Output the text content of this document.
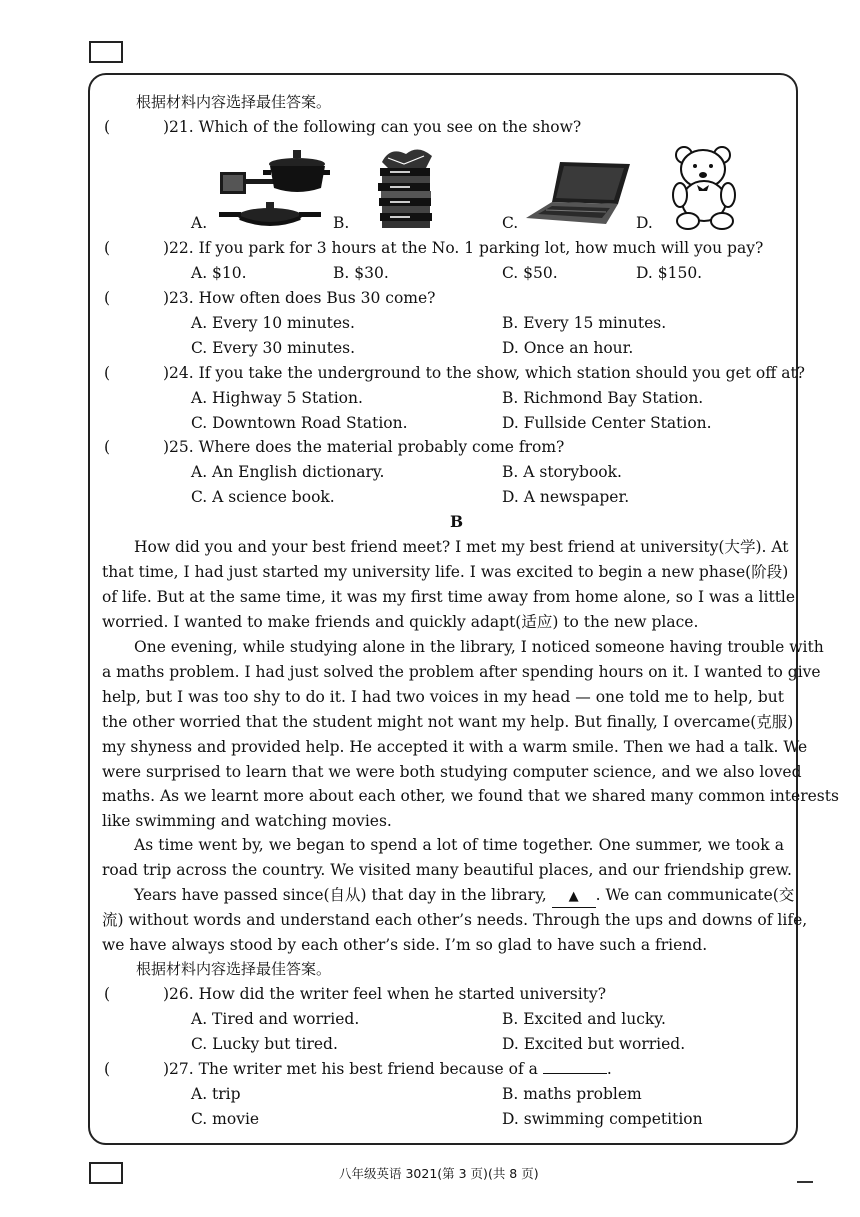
根据材料内容选择最佳答案。
(	)21. Which of the following can you see on the show?
A.	B.	C.	D.
(	)22. If you park for 3 hours at the No. 1 parking lot, how much will you pay?
A. $10.	B. $30.	C. $50.	D. $150.
(	)23. How often does Bus 30 come?
A. Every 10 minutes.	B. Every 15 minutes.
C. Every 30 minutes.	D. Once an hour.
(	)24. If you take the underground to the show, which station should you get off at?
A. Highway 5 Station.	B. Richmond Bay Station.
C. Downtown Road Station.	D. Fullside Center Station.
(	)25. Where does the material probably come from?
A. An English dictionary.	B. A storybook.
C. A science book.	D. A newspaper.
B
How did you and your best friend meet? I met my best friend at university(大学). At
that time, I had just started my university life. I was excited to begin a new phase(阶段)
of life. But at the same time, it was my first time away from home alone, so I was a little
worried. I wanted to make friends and quickly adapt(适应) to the new place.
One evening, while studying alone in the library, I noticed someone having trouble with
a maths problem. I had just solved the problem after spending hours on it. I wanted to give
help, but I was too shy to do it. I had two voices in my head — one told me to help, but
the other worried that the student might not want my help. But finally, I overcame(克服)
my shyness and provided help. He accepted it with a warm smile. Then we had a talk. We
were surprised to learn that we were both studying computer science, and we also loved
maths. As we learnt more about each other, we found that we shared many common interests
like swimming and watching movies.
As time went by, we began to spend a lot of time together. One summer, we took a
road trip across the country. We visited many beautiful places, and our friendship grew.
Years have passed since(自从) that day in the library, ▲ . We can communicate(交
流) without words and understand each other’s needs. Through the ups and downs of life,
we have always stood by each other’s side. I’m so glad to have such a friend.
根据材料内容选择最佳答案。
(	)26. How did the writer feel when he started university?
A. Tired and worried.	B. Excited and lucky.
C. Lucky but tired.	D. Excited but worried.
(	)27. The writer met his best friend because of a	.
A. trip	B. maths problem
C. movie	D. swimming competition
八年级英语 3021(第 3 页)(共 8 页)
